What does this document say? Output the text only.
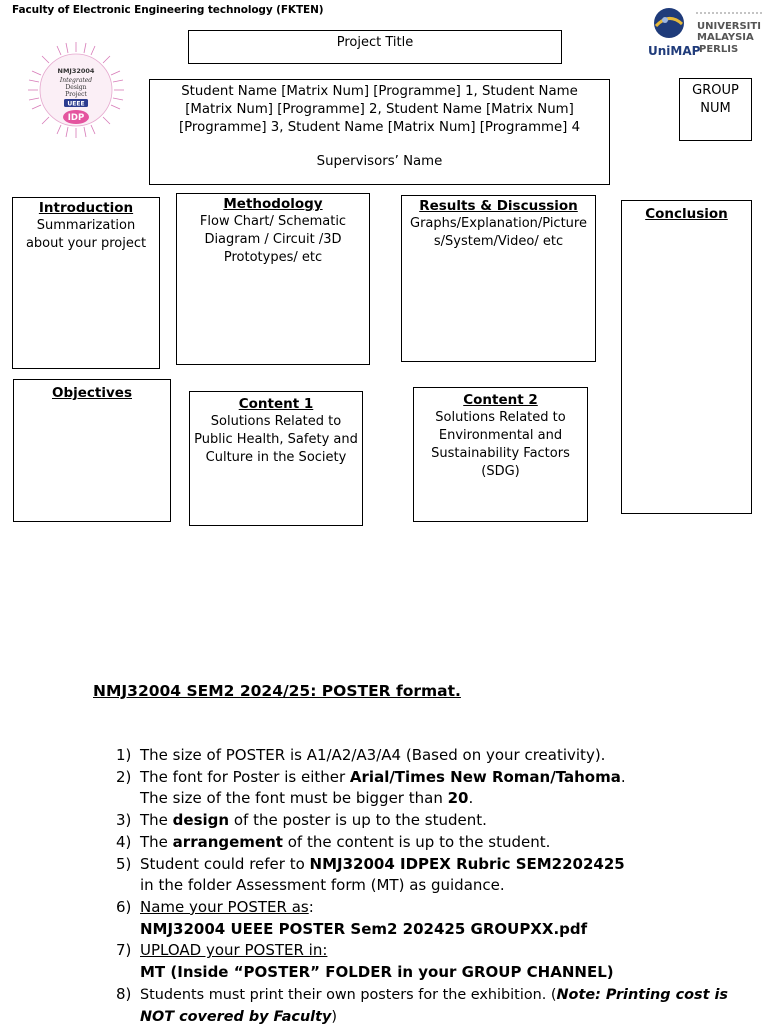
Faculty of Electronic Engineering technology (FKTEN)
Project Title
Student Name [Matrix Num] [Programme] 1, Student Name [Matrix Num] [Programme] 2, Student Name [Matrix Num] [Programme] 3, Student Name [Matrix Num] [Programme] 4
Supervisors’ Name
GROUP NUM
NMJ32004
Integrated
Design
Project
UEEE
IDP
UNIVERSITI
MALAYSIA
PERLIS
UniMAP
Introduction
Summarization about your project
Methodology
Flow Chart/ Schematic Diagram / Circuit /3D Prototypes/ etc
Results & Discussion
Graphs/Explanation/Picture s/System/Video/ etc
Conclusion
Objectives
Content 1
Solutions Related to Public Health, Safety and Culture in the Society
Content 2
Solutions Related to Environmental and Sustainability Factors (SDG)
NMJ32004 SEM2 2024/25: POSTER format.
1) The size of POSTER is A1/A2/A3/A4 (Based on your creativity).
2) The font for Poster is either Arial/Times New Roman/Tahoma.
The size of the font must be bigger than 20.
3) The design of the poster is up to the student.
4) The arrangement of the content is up to the student.
5) Student could refer to NMJ32004 IDPEX Rubric SEM2202425
in the folder Assessment form (MT) as guidance.
6) Name your POSTER as:
NMJ32004 UEEE POSTER Sem2 202425 GROUPXX.pdf
7) UPLOAD your POSTER in:
MT (Inside “POSTER” FOLDER in your GROUP CHANNEL)
8) Students must print their own posters for the exhibition. (Note: Printing cost is NOT covered by Faculty)
